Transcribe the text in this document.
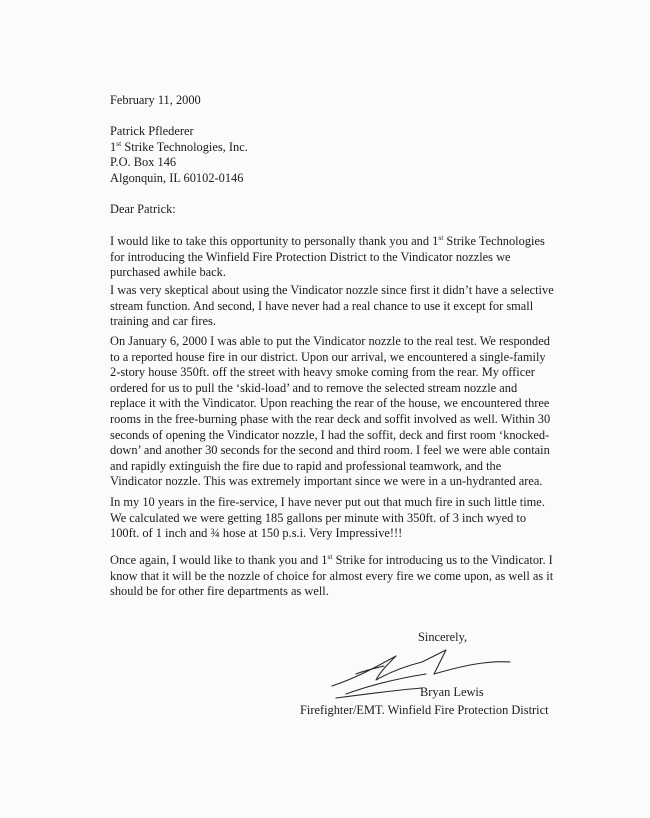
February 11, 2000

Patrick Pflederer
1st Strike Technologies, Inc.
P.O. Box 146
Algonquin, IL 60102-0146

Dear Patrick:

I would like to take this opportunity to personally thank you and 1st Strike Technologies
for introducing the Winfield Fire Protection District to the Vindicator nozzles we
purchased awhile back.

I was very skeptical about using the Vindicator nozzle since first it didn’t have a selective
stream function. And second, I have never had a real chance to use it except for small
training and car fires.

On January 6, 2000 I was able to put the Vindicator nozzle to the real test. We responded
to a reported house fire in our district. Upon our arrival, we encountered a single-family
2-story house 350ft. off the street with heavy smoke coming from the rear. My officer
ordered for us to pull the ‘skid-load’ and to remove the selected stream nozzle and
replace it with the Vindicator. Upon reaching the rear of the house, we encountered three
rooms in the free-burning phase with the rear deck and soffit involved as well. Within 30
seconds of opening the Vindicator nozzle, I had the soffit, deck and first room ‘knocked-
down’ and another 30 seconds for the second and third room. I feel we were able contain
and rapidly extinguish the fire due to rapid and professional teamwork, and the
Vindicator nozzle. This was extremely important since we were in a un-hydranted area.

In my 10 years in the fire-service, I have never put out that much fire in such little time.
We calculated we were getting 185 gallons per minute with 350ft. of 3 inch wyed to
100ft. of 1 inch and ¾ hose at 150 p.s.i. Very Impressive!!!

Once again, I would like to thank you and 1st Strike for introducing us to the Vindicator. I
know that it will be the nozzle of choice for almost every fire we come upon, as well as it
should be for other fire departments as well.

Sincerely,
Bryan Lewis
Firefighter/EMT. Winfield Fire Protection District
